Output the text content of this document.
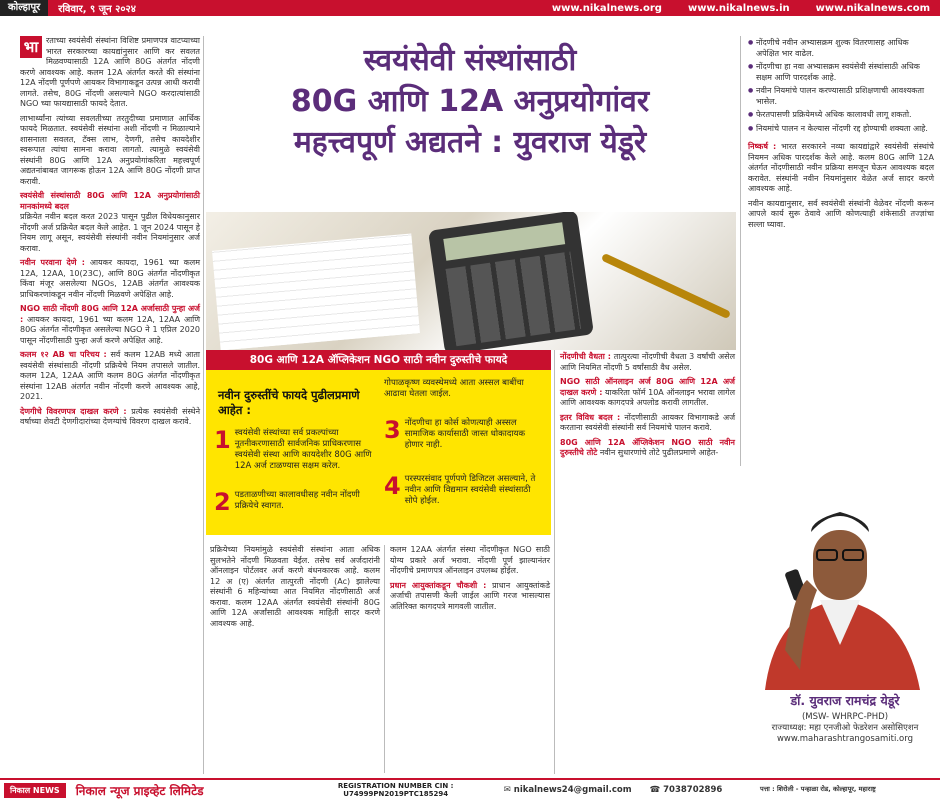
कोल्हापूर	रविवार, ९ जून २०२४	www.nikalnews.org	www.nikalnews.in	www.nikalnews.com

भा रताच्या स्वयंसेवी संस्थांना विशिष्ट प्रमाणपत्र वाटप्याच्या भारत सरकारच्या कायद्यांनुसार आणि कर सवलत मिळवण्यासाठी 12A आणि 80G अंतर्गत नोंदणी करणे आवश्यक आहे. कलम 12A अंतर्गत करते की संस्थांना 12A नोंदणी पूर्णपणे आयकर विभागाकडून उत्पन्न आधी करावी लागते. तसेच, 80G नोंदणी असल्याने NGO करदात्यांसाठी NGO च्या फायद्यासाठी फायदे देतात.

लाभार्थ्यांना त्यांच्या सवलतीच्या तरतुदीच्या प्रमाणात आर्थिक फायदे मिळतात. स्वयंसेवी संस्थांना अशी नोंदणी न मिळाल्याने शासनाला सवलत, टॅक्स लाभ, देणगी, तसेच कायदेशीर स्वरूपात त्यांचा सामना करावा लागतो. त्यामुळे स्वयंसेवी संस्थांनी 80G आणि 12A अनुप्रयोगांकरिता महत्त्वपूर्ण अद्यतनांबाबत जागरूक होऊन 12A आणि 80G नोंदणी प्राप्त करावी.

स्वयंसेवी संस्थांसाठी 80G आणि 12A अनुप्रयोगांसाठी मानकांमध्ये बदल
प्रक्रियेत नवीन बदल करत 2023 पासून पुढील विधेयकानुसार नोंदणी अर्ज प्रक्रियेत बदल केले आहेत. 1 जून 2024 पासून हे नियम लागू असून, स्वयंसेवी संस्थांनी नवीन नियमांनुसार अर्ज करावा.

नवीन परवाना देणे : आयकर कायदा, 1961 च्या कलम 12A, 12AA, 10(23C), आणि 80G अंतर्गत नोंदणीकृत किंवा मंजूर असलेल्या NGOs, 12AB अंतर्गत आवश्यक प्राधिकरणांकडून नवीन नोंदणी मिळवणे अपेक्षित आहे.

NGO साठी नोंदणी 80G आणि 12A अर्जासाठी पुन्हा अर्ज : आयकर कायदा, 1961 च्या कलम 12A, 12AA आणि 80G अंतर्गत नोंदणीकृत असलेल्या NGO ने 1 एप्रिल 2020 पासून नोंदणीसाठी पुन्हा अर्ज करणे अपेक्षित आहे.

कलम १२ AB चा परिचय : सर्व कलम 12AB मध्ये आता स्वयंसेवी संस्थांसाठी नोंदणी प्रक्रियेचे नियम तपासले जातील. कलम 12A, 12AA आणि कलम 80G अंतर्गत नोंदणीकृत संस्थांना 12AB अंतर्गत नवीन नोंदणी करणे आवश्यक आहे, 2021.

देणगीचे विवरणपत्र दाखल करणे : प्रत्येक स्वयंसेवी संस्थेने वर्षाच्या शेवटी देणगीदारांच्या देणग्यांचे विवरण दाखल करावे.

स्वयंसेवी संस्थांसाठी
80G आणि 12A अनुप्रयोगांवर
महत्त्वपूर्ण अद्यतने : युवराज येडूरे
80G आणि 12A ॲप्लिकेशन NGO साठी नवीन दुरुस्तीचे फायदे
नवीन दुरुस्तींचे फायदे पुढीलप्रमाणे आहेत :
गोपाळकृष्ण व्यवस्थेमध्ये आता अस्सल बाबींचा आढावा घेतला जाईल.
1 स्वयंसेवी संस्थांच्या सर्व प्रकल्पांच्या नूतनीकरणासाठी सार्वजनिक प्राधिकरणास स्वयंसेवी संस्था आणि कायदेशीर 80G आणि 12A अर्ज टाळण्यास सक्षम करेल.
2 पडताळणीच्या कालावधीसह नवीन नोंदणी प्रक्रियेचे स्वागत.
3 नोंदणीचा हा कोर्स कोणत्याही अस्सल सामाजिक कार्यासाठी जास्त धोकादायक होणार नाही.
4 परस्परसंवाद पूर्णपणे डिजिटल असल्याने, ते नवीन आणि विद्यमान स्वयंसेवी संस्थांसाठी सोपे होईल.

प्रक्रियेच्या नियमांमुळे स्वयंसेवी संस्थांना आता अधिक सुलभतेने नोंदणी मिळवता येईल. तसेच सर्व अर्जदारांनी ऑनलाइन पोर्टलवर अर्ज करणे बंधनकारक आहे. कलम 12 अ (ए) अंतर्गत तात्पुरती नोंदणी (Ac) झालेल्या संस्थांनी 6 महिन्यांच्या आत नियमित नोंदणीसाठी अर्ज करावा. कलम 12AA अंतर्गत स्वयंसेवी संस्थांनी 80G आणि 12A अर्जांसाठी आवश्यक माहिती सादर करणे आवश्यक आहे.

कलम 12AA अंतर्गत संस्था नोंदणीकृत NGO साठी योग्य प्रकारे अर्ज भरावा. नोंदणी पूर्ण झाल्यानंतर नोंदणीचे प्रमाणपत्र ऑनलाइन उपलब्ध होईल.

प्रधान आयुक्तांकडून चौकशी : प्राधान आयुक्तांकडे अर्जाची तपासणी केली जाईल आणि गरज भासल्यास अतिरिक्त कागदपत्रे मागवली जातील.

नोंदणीची वैधता : तात्पुरत्या नोंदणीची वैधता 3 वर्षांची असेल आणि नियमित नोंदणी 5 वर्षांसाठी वैध असेल.

NGO साठी ऑनलाइन अर्ज 80G आणि 12A अर्ज दाखल करणे : याकरिता फॉर्म 10A ऑनलाइन भरावा लागेल आणि आवश्यक कागदपत्रे अपलोड करावी लागतील.

इतर विविध बदल : नोंदणीसाठी आयकर विभागाकडे अर्ज करताना स्वयंसेवी संस्थांनी सर्व नियमांचे पालन करावे.

80G आणि 12A ॲप्लिकेशन NGO साठी नवीन दुरुस्तीचे तोटे नवीन सुधारणांचे तोटे पुढीलप्रमाणे आहेत-

● नोंदणीचे नवीन अभ्यासक्रम शुल्क वितरणासह आधिक अपेक्षित भार वाढेल.
● नोंदणीचा हा नवा अभ्यासक्रम स्वयंसेवी संस्थांसाठी अधिक सक्षम आणि पारदर्शक आहे.
● नवीन नियमांचे पालन करण्यासाठी प्रशिक्षणाची आवश्यकता भासेल.
● फेरतपासणी प्रक्रियेमध्ये अधिक कालावधी लागू शकतो.
● नियमांचे पालन न केल्यास नोंदणी रद्द होण्याची शक्यता आहे.

निष्कर्ष : भारत सरकारने नव्या कायद्यांद्वारे स्वयंसेवी संस्थांचे नियमन अधिक पारदर्शक केले आहे. कलम 80G आणि 12A अंतर्गत नोंदणीसाठी नवीन प्रक्रिया समजून घेऊन आवश्यक बदल करावेत. संस्थांनी नवीन नियमांनुसार वेळेत अर्ज सादर करणे आवश्यक आहे.

नवीन कायद्यानुसार, सर्व स्वयंसेवी संस्थांनी वेळेवर नोंदणी करून आपले कार्य सुरू ठेवावे आणि कोणत्याही शंकेसाठी तज्ज्ञांचा सल्ला घ्यावा.

डॉ. युवराज रामचंद्र येडूरे
(MSW- WHRPC-PHD)
राज्याध्यक्ष: महा एनजीओ फेडरेशन असोसिएशन
www.maharashtrangosamiti.org
निकाल NEWS	निकाल न्यूज प्राइव्हेट लिमिटेड	REGISTRATION NUMBER CIN : U74999PN2019PTC185294	✉ nikalnews24@gmail.com ☎ 7038702896	पत्ता : शिरोली - पन्हाळा रोड, कोल्हापूर, महाराष्ट्र
